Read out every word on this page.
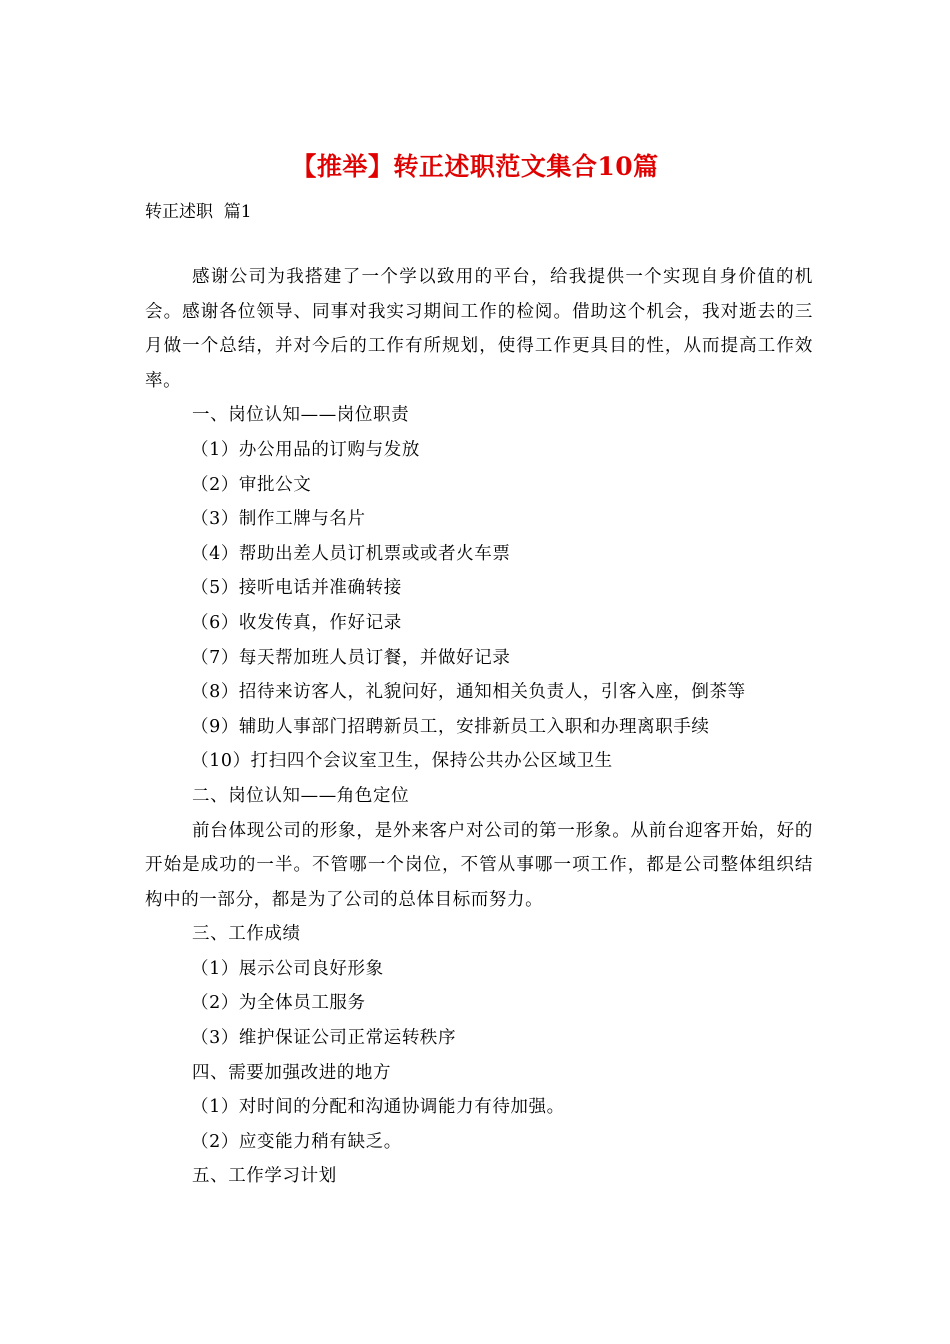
【推举】转正述职范文集合10篇
转正述职  篇1

感谢公司为我搭建了一个学以致用的平台，给我提供一个实现自身价值的机会。感谢各位领导、同事对我实习期间工作的检阅。借助这个机会，我对逝去的三月做一个总结，并对今后的工作有所规划，使得工作更具目的性，从而提高工作效率。

一、岗位认知——岗位职责

（1）办公用品的订购与发放

（2）审批公文

（3）制作工牌与名片

（4）帮助出差人员订机票或或者火车票

（5）接听电话并准确转接

（6）收发传真，作好记录

（7）每天帮加班人员订餐，并做好记录

（8）招待来访客人，礼貌问好，通知相关负责人，引客入座，倒茶等

（9）辅助人事部门招聘新员工，安排新员工入职和办理离职手续

（10）打扫四个会议室卫生，保持公共办公区域卫生

二、岗位认知——角色定位

前台体现公司的形象，是外来客户对公司的第一形象。从前台迎客开始，好的开始是成功的一半。不管哪一个岗位，不管从事哪一项工作，都是公司整体组织结构中的一部分，都是为了公司的总体目标而努力。

三、工作成绩

（1）展示公司良好形象

（2）为全体员工服务

（3）维护保证公司正常运转秩序

四、需要加强改进的地方

（1）对时间的分配和沟通协调能力有待加强。

（2）应变能力稍有缺乏。

五、工作学习计划
